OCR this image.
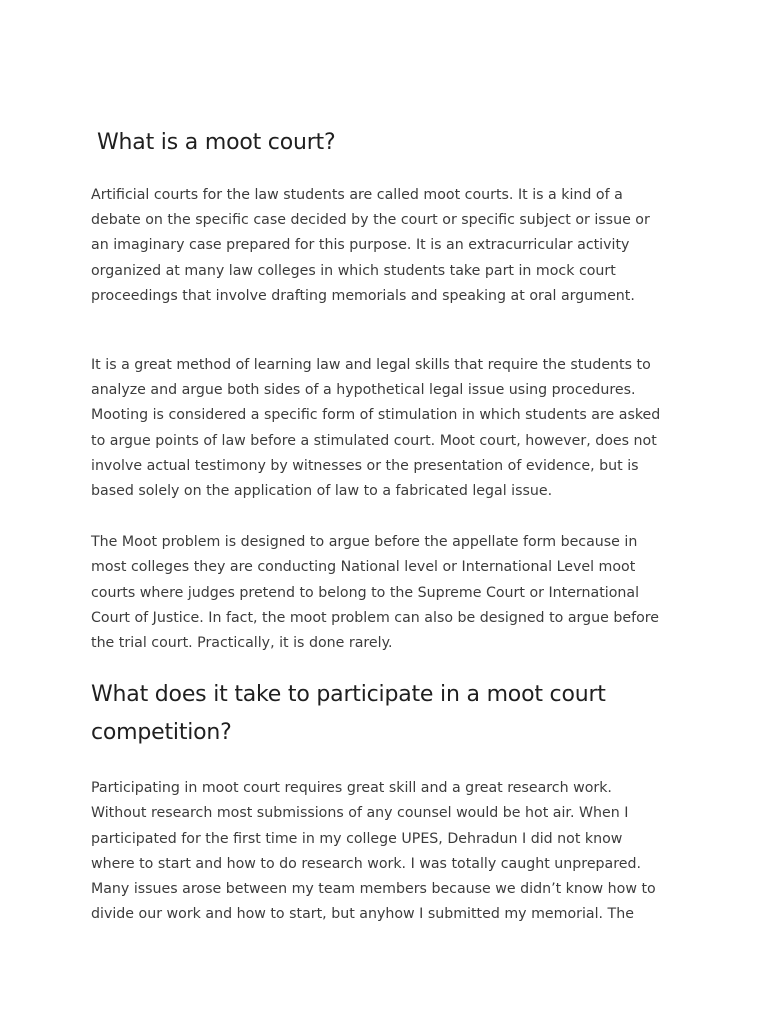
What is a moot court?

Artificial courts for the law students are called moot courts. It is a kind of a
debate on the specific case decided by the court or specific subject or issue or
an imaginary case prepared for this purpose. It is an extracurricular activity
organized at many law colleges in which students take part in mock court
proceedings that involve drafting memorials and speaking at oral argument.

It is a great method of learning law and legal skills that require the students to
analyze and argue both sides of a hypothetical legal issue using procedures.
Mooting is considered a specific form of stimulation in which students are asked
to argue points of law before a stimulated court. Moot court, however, does not
involve actual testimony by witnesses or the presentation of evidence, but is
based solely on the application of law to a fabricated legal issue.

The Moot problem is designed to argue before the appellate form because in
most colleges they are conducting National level or International Level moot
courts where judges pretend to belong to the Supreme Court or International
Court of Justice. In fact, the moot problem can also be designed to argue before
the trial court. Practically, it is done rarely.

What does it take to participate in a moot court
competition?

Participating in moot court requires great skill and a great research work.
Without research most submissions of any counsel would be hot air. When I
participated for the first time in my college UPES, Dehradun I did not know
where to start and how to do research work. I was totally caught unprepared.
Many issues arose between my team members because we didn’t know how to
divide our work and how to start, but anyhow I submitted my memorial. The
